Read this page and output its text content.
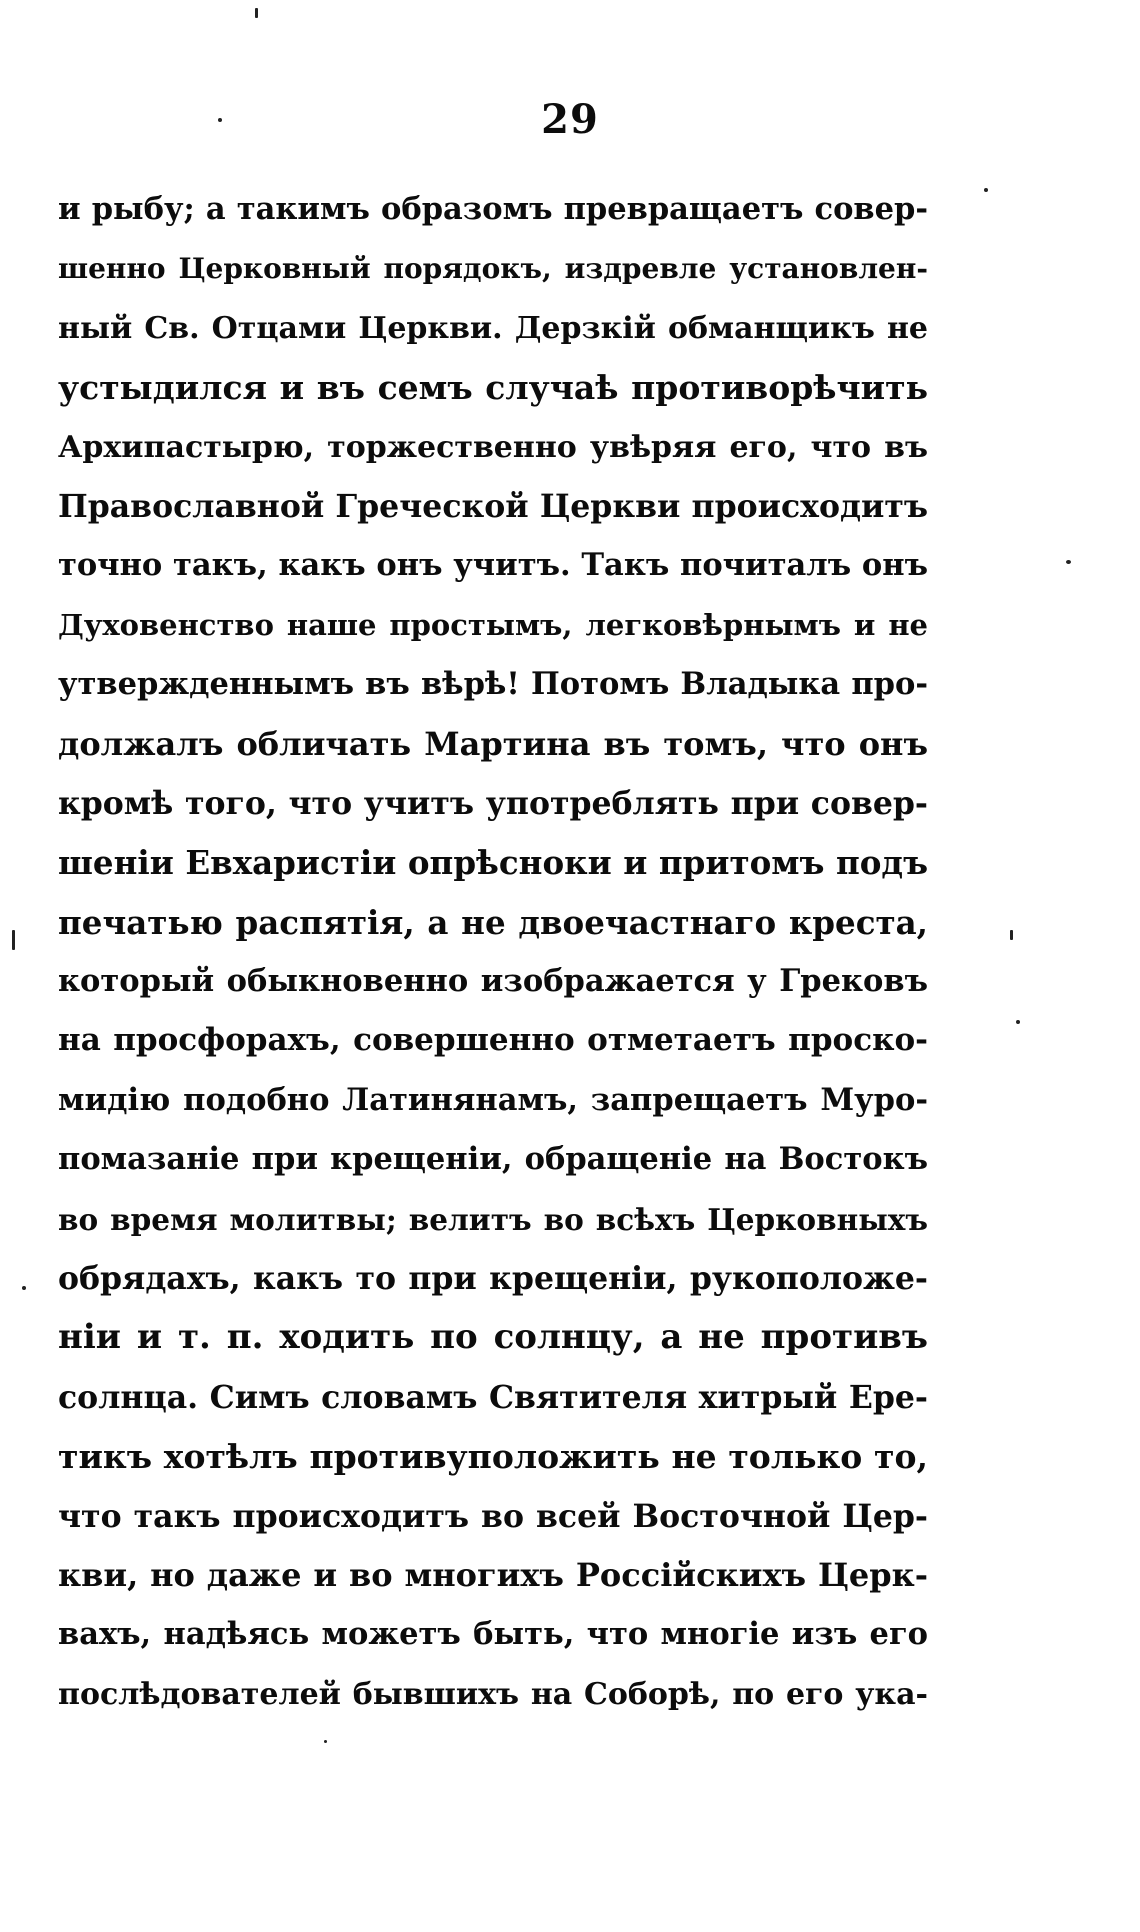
29
и рыбу; а такимъ образомъ превращаетъ совер-
шенно Церковный порядокъ, издревле установлен-
ный Св. Отцами Церкви. Дерзкій обманщикъ не
устыдился и въ семъ случаѣ противорѣчить
Архипастырю, торжественно увѣряя его, что въ
Православной Греческой Церкви происходитъ
точно такъ, какъ онъ учитъ. Такъ почиталъ онъ
Духовенство наше простымъ, легковѣрнымъ и не
утвержденнымъ въ вѣрѣ! Потомъ Владыка про-
должалъ обличать Мартина въ томъ, что онъ
кромѣ того, что учитъ употреблять при совер-
шеніи Евхаристіи опрѣсноки и притомъ подъ
печатью распятія, а не двоечастнаго креста,
который обыкновенно изображается у Грековъ
на просфорахъ, совершенно отметаетъ проско-
мидію подобно Латинянамъ, запрещаетъ Муро-
помазаніе при крещеніи, обращеніе на Востокъ
во время молитвы; велитъ во всѣхъ Церковныхъ
обрядахъ, какъ то при крещеніи, рукоположе-
ніи и т. п. ходить по солнцу, а не противъ
солнца. Симъ словамъ Святителя хитрый Ере-
тикъ хотѣлъ противуположить не только то,
что такъ происходитъ во всей Восточной Цер-
кви, но даже и во многихъ Россійскихъ Церк-
вахъ, надѣясь можетъ быть, что многіе изъ его
послѣдователей бывшихъ на Соборѣ, по его ука-
